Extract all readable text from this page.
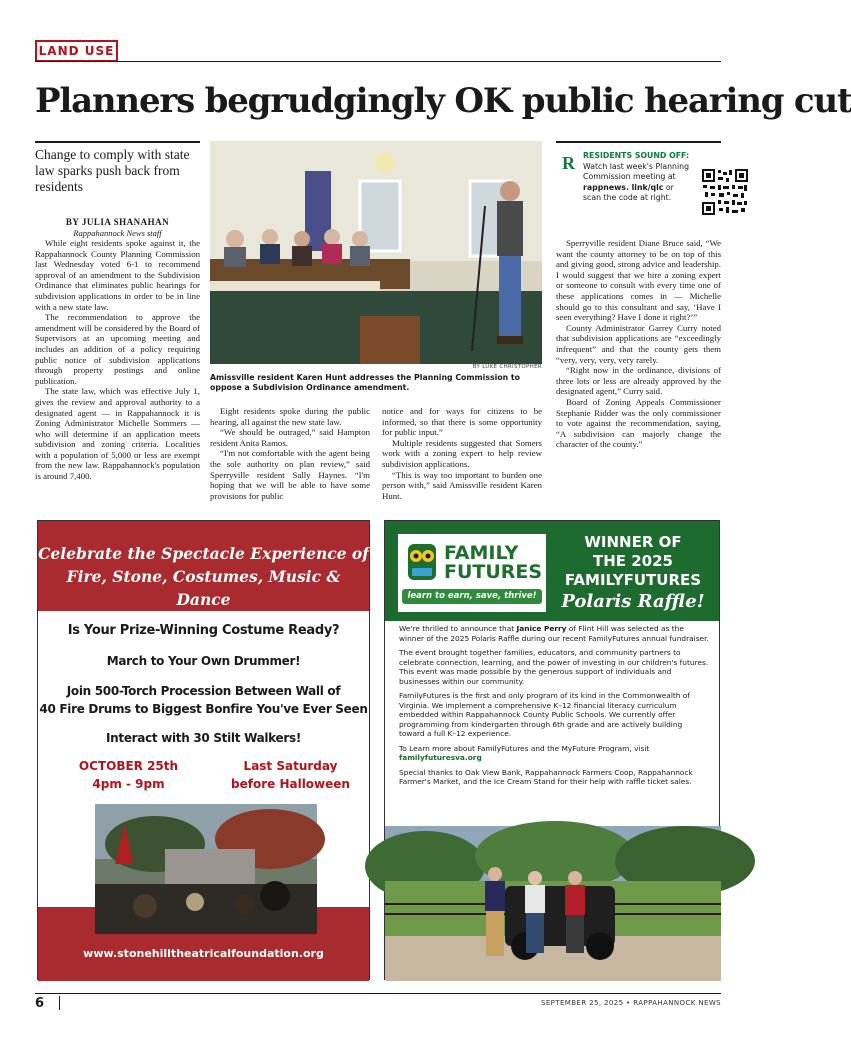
LAND USE
Planners begrudgingly OK public hearing cut
Change to comply with state law sparks push back from residents
BY JULIA SHANAHAN
Rappahannock News staff

While eight residents spoke against it, the Rappahannock County Planning Commission last Wednesday voted 6-1 to recommend approval of an amendment to the Subdivision Ordinance that eliminates public hearings for subdivision applications in order to be in line with a new state law.

The recommendation to approve the amendment will be considered by the Board of Supervisors at an upcoming meeting and includes an addition of a policy requiring public notice of subdivision applications through property postings and online publication.

The state law, which was effective July 1, gives the review and approval authority to a designated agent — in Rappahannock it is Zoning Administrator Michelle Sommers — who will determine if an application meets subdivision and zoning criteria. Localities with a population of 5,000 or less are exempt from the new law. Rappahannock's population is around 7,400.

BY LUKE CHRISTOPHER
Amissville resident Karen Hunt addresses the Planning Commission to oppose a Subdivision Ordinance amendment.

Eight residents spoke during the public hearing, all against the new state law.

“We should be outraged,” said Hampton resident Anita Ramos.

“I'm not comfortable with the agent being the sole authority on plan review,” said Sperryville resident Sally Haynes. “I'm hoping that we will be able to have some provisions for public

notice and for ways for citizens to be informed, so that there is some opportunity for public input.”

Multiple residents suggested that Somers work with a zoning expert to help review subdivision applications.

“This is way too important to burden one person with,” said Amissville resident Karen Hunt.

R RESIDENTS SOUND OFF: Watch last week's Planning Commission meeting at rappnews. link/qlc or scan the code at right.

Sperryville resident Diane Bruce said, “We want the county attorney to be on top of this and giving good, strong advice and leadership. I would suggest that we hire a zoning expert or someone to consult with every time one of these applications comes in — Michelle should go to this consultant and say, ‘Have I seen everything? Have I done it right?’”

County Administrator Garrey Curry noted that subdivision applications are “exceedingly infrequent” and that the county gets them “very, very, very, very rarely.

“Right now in the ordinance, divisions of three lots or less are already approved by the designated agent,” Curry said.

Board of Zoning Appeals Commissioner Stephanie Ridder was the only commissioner to vote against the recommendation, saying, “A subdivision can majorly change the character of the county.”

Celebrate the Spectacle Experience of
Fire, Stone, Costumes, Music & Dance
Is Your Prize-Winning Costume Ready?
March to Your Own Drummer!
Join 500-Torch Procession Between Wall of
40 Fire Drums to Biggest Bonfire You've Ever Seen
Interact with 30 Stilt Walkers!
OCTOBER 25th
4pm - 9pm
Last Saturday
before Halloween
www.stonehilltheatricalfoundation.org
FAMILY
FUTURES
learn to earn, save, thrive!
WINNER OF
THE 2025
FAMILYFUTURES
Polaris Raffle!

We're thrilled to announce that Janice Perry of Flint Hill was selected as the winner of the 2025 Polaris Raffle during our recent FamilyFutures annual fundraiser.

The event brought together families, educators, and community partners to celebrate connection, learning, and the power of investing in our children's futures. This event was made possible by the generous support of individuals and businesses within our community.

FamilyFutures is the first and only program of its kind in the Commonwealth of Virginia. We implement a comprehensive K–12 financial literacy curriculum embedded within Rappahannock County Public Schools. We currently offer programming from kindergarten through 6th grade and are actively building toward a full K–12 experience.

To Learn more about FamilyFutures and the MyFuture Program, visit
familyfuturesva.org

Special thanks to Oak View Bank, Rappahannock Farmers Coop, Rappahannock Farmer's Market, and the Ice Cream Stand for their help with raffle ticket sales.

6	SEPTEMBER 25, 2025 • RAPPAHANNOCK NEWS
